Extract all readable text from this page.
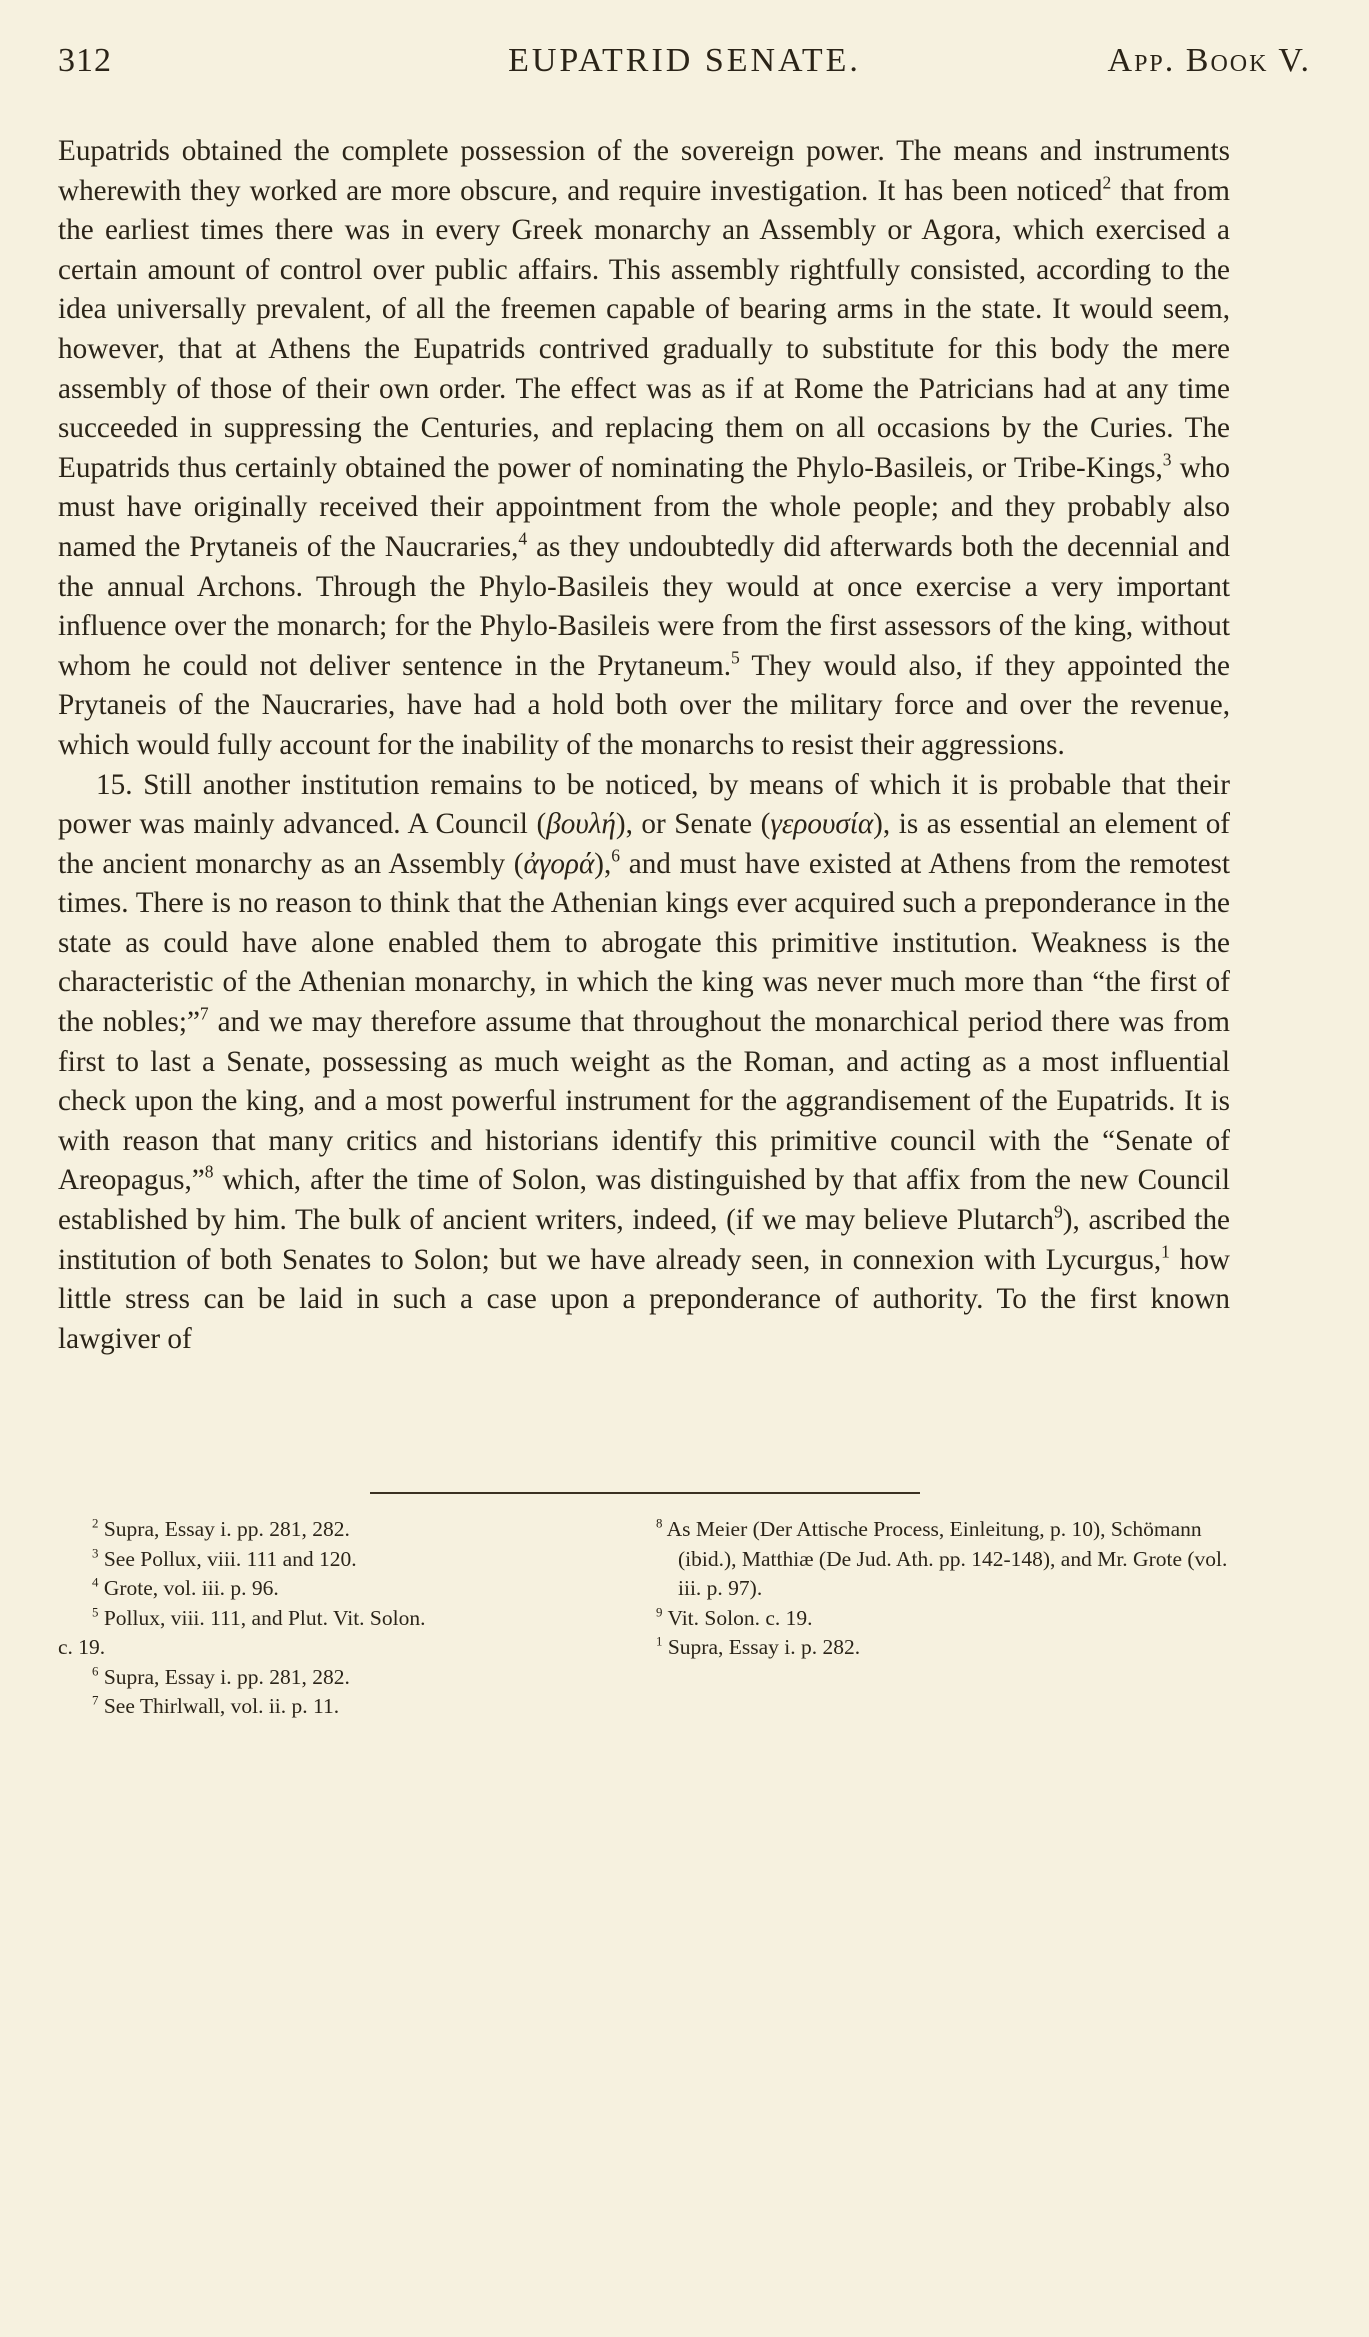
312	EUPATRID SENATE.	App. Book V.

Eupatrids obtained the complete possession of the sovereign power. The means and instruments wherewith they worked are more obscure, and require investigation. It has been noticed$^2$ that from the earliest times there was in every Greek monarchy an Assembly or Agora, which exercised a certain amount of control over public affairs. This assembly rightfully consisted, according to the idea universally prevalent, of all the freemen capable of bearing arms in the state. It would seem, however, that at Athens the Eupatrids contrived gradually to substitute for this body the mere assembly of those of their own order. The effect was as if at Rome the Patricians had at any time succeeded in suppressing the Centuries, and replacing them on all occasions by the Curies. The Eupatrids thus certainly obtained the power of nominating the Phylo-Basileis, or Tribe-Kings,$^3$ who must have originally received their appointment from the whole people; and they probably also named the Prytaneis of the Naucraries,$^4$ as they undoubtedly did afterwards both the decennial and the annual Archons. Through the Phylo-Basileis they would at once exercise a very important influence over the monarch; for the Phylo-Basileis were from the first assessors of the king, without whom he could not deliver sentence in the Prytaneum.$^5$ They would also, if they appointed the Prytaneis of the Naucraries, have had a hold both over the military force and over the revenue, which would fully account for the inability of the monarchs to resist their aggressions.

15. Still another institution remains to be noticed, by means of which it is probable that their power was mainly advanced. A Council (βουλή), or Senate (γερουσία), is as essential an element of the ancient monarchy as an Assembly (ἀγορά),$^6$ and must have existed at Athens from the remotest times. There is no reason to think that the Athenian kings ever acquired such a preponderance in the state as could have alone enabled them to abrogate this primitive institution. Weakness is the characteristic of the Athenian monarchy, in which the king was never much more than “the first of the nobles;”$^7$ and we may therefore assume that throughout the monarchical period there was from first to last a Senate, possessing as much weight as the Roman, and acting as a most influential check upon the king, and a most powerful instrument for the aggrandisement of the Eupatrids. It is with reason that many critics and historians identify this primitive council with the “Senate of Areopagus,”$^8$ which, after the time of Solon, was distinguished by that affix from the new Council established by him. The bulk of ancient writers, indeed, (if we may believe Plutarch$^9$), ascribed the institution of both Senates to Solon; but we have already seen, in connexion with Lycurgus,$^1$ how little stress can be laid in such a case upon a preponderance of authority. To the first known lawgiver of

$^2$ Supra, Essay i. pp. 281, 282.

$^3$ See Pollux, viii. 111 and 120.

$^4$ Grote, vol. iii. p. 96.

$^5$ Pollux, viii. 111, and Plut. Vit. Solon.

c. 19.

$^6$ Supra, Essay i. pp. 281, 282.

$^7$ See Thirlwall, vol. ii. p. 11.

$^8$ As Meier (Der Attische Process, Einleitung, p. 10), Schömann (ibid.), Matthiæ (De Jud. Ath. pp. 142-148), and Mr. Grote (vol. iii. p. 97).

$^9$ Vit. Solon. c. 19.

$^1$ Supra, Essay i. p. 282.
